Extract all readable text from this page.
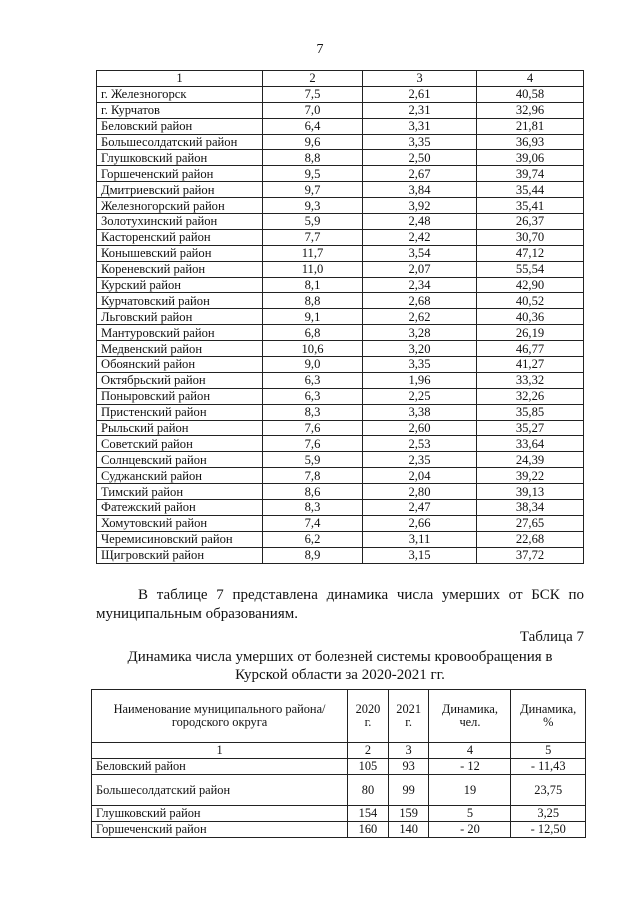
7
1	2	3	4
г. Железногорск	7,5	2,61	40,58
г. Курчатов	7,0	2,31	32,96
Беловский район	6,4	3,31	21,81
Большесолдатский район	9,6	3,35	36,93
Глушковский район	8,8	2,50	39,06
Горшеченский район	9,5	2,67	39,74
Дмитриевский район	9,7	3,84	35,44
Железногорский район	9,3	3,92	35,41
Золотухинский район	5,9	2,48	26,37
Касторенский район	7,7	2,42	30,70
Конышевский район	11,7	3,54	47,12
Кореневский район	11,0	2,07	55,54
Курский район	8,1	2,34	42,90
Курчатовский район	8,8	2,68	40,52
Льговский район	9,1	2,62	40,36
Мантуровский район	6,8	3,28	26,19
Медвенский район	10,6	3,20	46,77
Обоянский район	9,0	3,35	41,27
Октябрьский район	6,3	1,96	33,32
Поныровский район	6,3	2,25	32,26
Пристенский район	8,3	3,38	35,85
Рыльский район	7,6	2,60	35,27
Советский район	7,6	2,53	33,64
Солнцевский район	5,9	2,35	24,39
Суджанский район	7,8	2,04	39,22
Тимский район	8,6	2,80	39,13
Фатежский район	8,3	2,47	38,34
Хомутовский район	7,4	2,66	27,65
Черемисиновский район	6,2	3,11	22,68
Щигровский район	8,9	3,15	37,72
В таблице 7 представлена динамика числа умерших от БСК по муниципальным образованиям.
Таблица 7
Динамика числа умерших от болезней системы кровообращения в Курской области за 2020-2021 гг.
Наименование муниципального района/ городского округа	2020 г.	2021 г.	Динамика, чел.	Динамика, %
1	2	3	4	5
Беловский район	105	93	- 12	- 11,43
Большесолдатский район	80	99	19	23,75
Глушковский район	154	159	5	3,25
Горшеченский район	160	140	- 20	- 12,50
